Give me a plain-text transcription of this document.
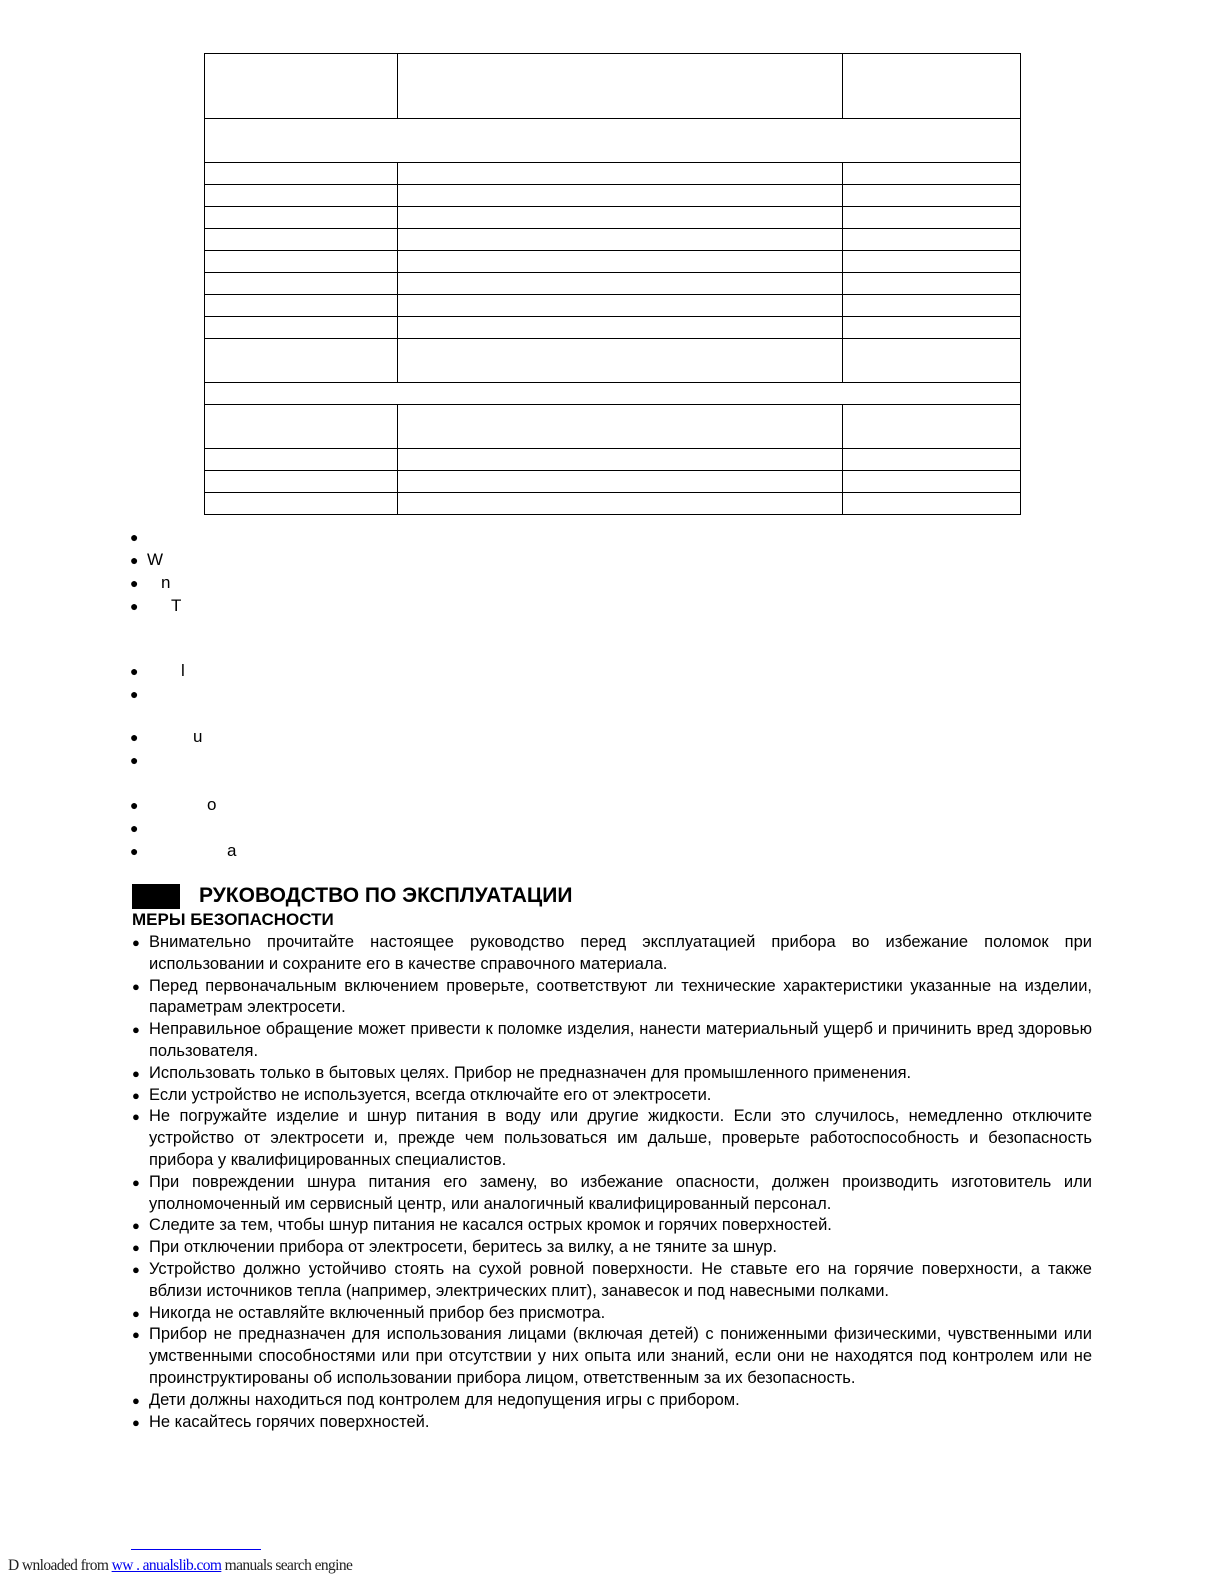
●
● W
● n
● T
●	l
●
●	u
●
●	o
●
●	a
РУКОВОДСТВО ПО ЭКСПЛУАТАЦИИ
МЕРЫ БЕЗОПАСНОСТИ
● Внимательно прочитайте настоящее руководство перед эксплуатацией прибора во избежание поломок при использовании и сохраните его в качестве справочного материала.
● Перед первоначальным включением проверьте, соответствуют ли технические характеристики указанные на изделии, параметрам электросети.
● Неправильное обращение может привести к поломке изделия, нанести материальный ущерб и причинить вред здоровью пользователя.
● Использовать только в бытовых целях. Прибор не предназначен для промышленного применения.
● Если устройство не используется, всегда отключайте его от электросети.
● Не погружайте изделие и шнур питания в воду или другие жидкости. Если это случилось, немедленно отключите устройство от электросети и, прежде чем пользоваться им дальше, проверьте работоспособность и безопасность прибора у квалифицированных специалистов.
● При повреждении шнура питания его замену, во избежание опасности, должен производить изготовитель или уполномоченный им сервисный центр, или аналогичный квалифицированный персонал.
● Следите за тем, чтобы шнур питания не касался острых кромок и горячих поверхностей.
● При отключении прибора от электросети, беритесь за вилку, а не тяните за шнур.
● Устройство должно устойчиво стоять на сухой ровной поверхности. Не ставьте его на горячие поверхности, а также вблизи источников тепла (например, электрических плит), занавесок и под навесными полками.
● Никогда не оставляйте включенный прибор без присмотра.
● Прибор не предназначен для использования лицами (включая детей) с пониженными физическими, чувственными или умственными способностями или при отсутствии у них опыта или знаний, если они не находятся под контролем или не проинструктированы об использовании прибора лицом, ответственным за их безопасность.
● Дети должны находиться под контролем для недопущения игры с прибором.
● Не касайтесь горячих поверхностей.
D wnloaded from ww . anualslib.com manuals search engine
